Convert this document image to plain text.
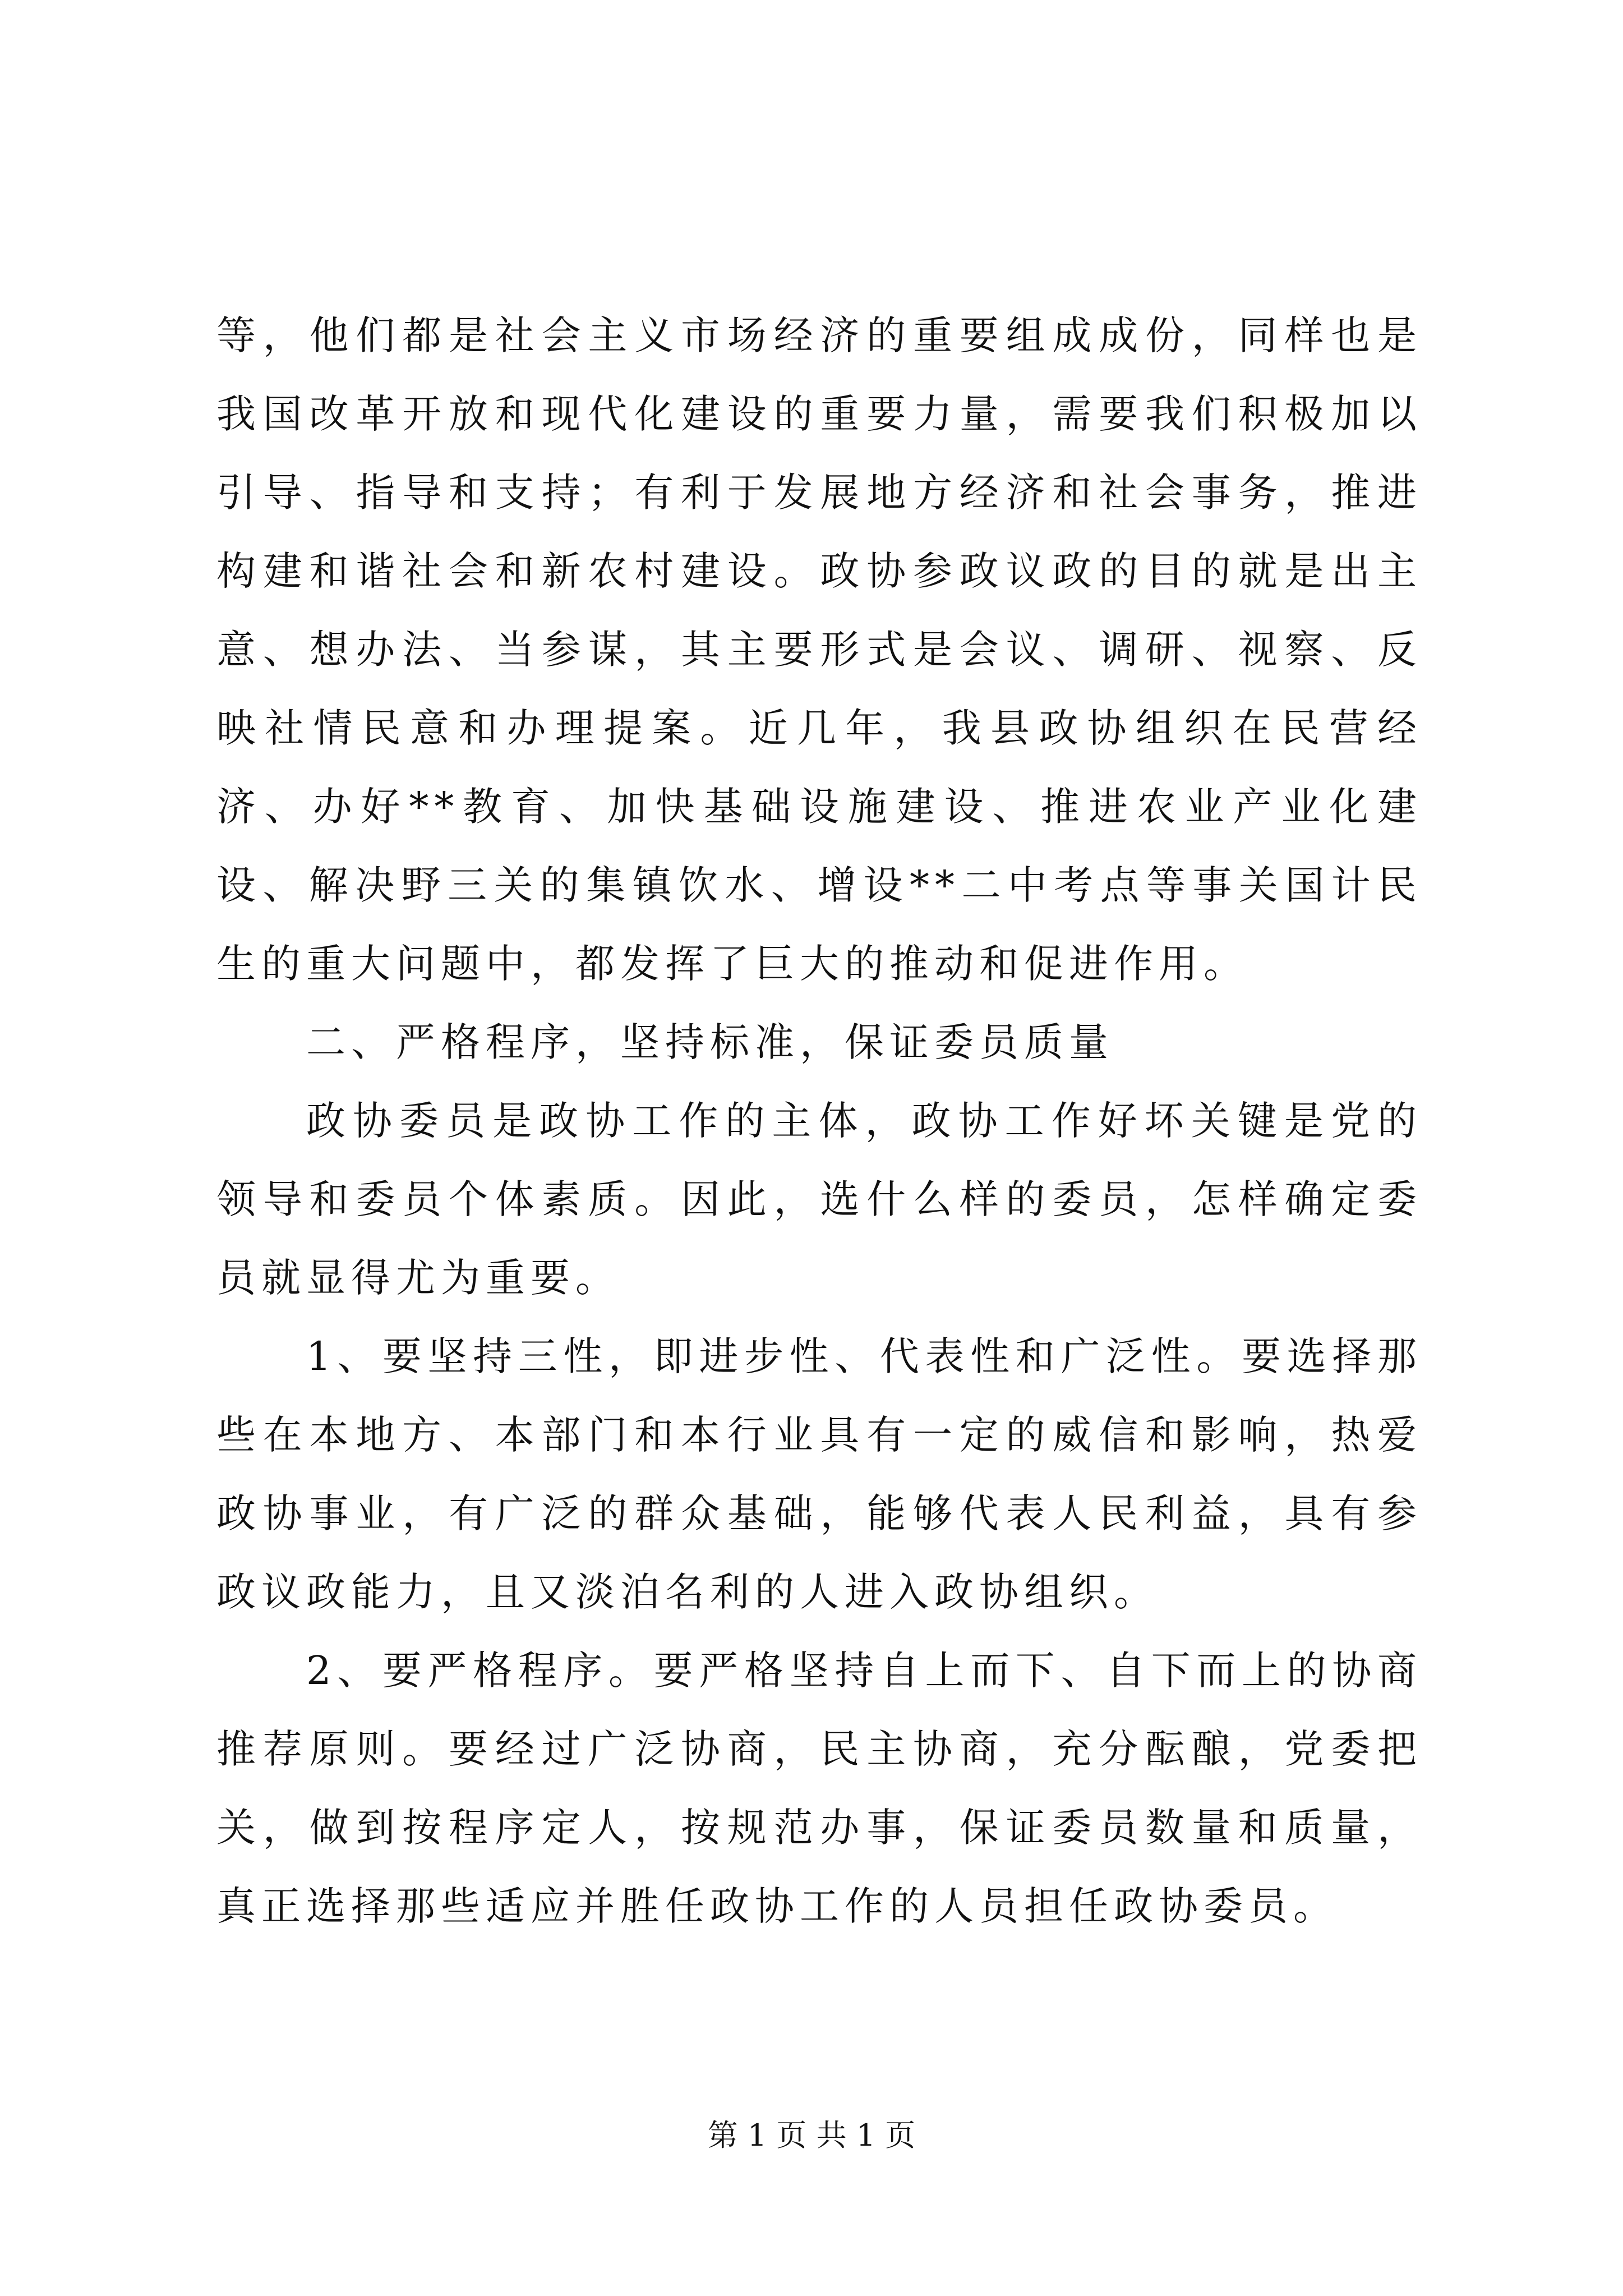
等，他们都是社会主义市场经济的重要组成成份，同样也是我国改革开放和现代化建设的重要力量，需要我们积极加以引导、指导和支持；有利于发展地方经济和社会事务，推进构建和谐社会和新农村建设。政协参政议政的目的就是出主意、想办法、当参谋，其主要形式是会议、调研、视察、反映社情民意和办理提案。近几年，我县政协组织在民营经济、办好**教育、加快基础设施建设、推进农业产业化建设、解决野三关的集镇饮水、增设**二中考点等事关国计民生的重大问题中，都发挥了巨大的推动和促进作用。

二、严格程序，坚持标准，保证委员质量

政协委员是政协工作的主体，政协工作好坏关键是党的领导和委员个体素质。因此，选什么样的委员，怎样确定委员就显得尤为重要。

1、要坚持三性，即进步性、代表性和广泛性。要选择那些在本地方、本部门和本行业具有一定的威信和影响，热爱政协事业，有广泛的群众基础，能够代表人民利益，具有参政议政能力，且又淡泊名利的人进入政协组织。

2、要严格程序。要严格坚持自上而下、自下而上的协商推荐原则。要经过广泛协商，民主协商，充分酝酿，党委把关，做到按程序定人，按规范办事，保证委员数量和质量，真正选择那些适应并胜任政协工作的人员担任政协委员。

第 1 页 共 1 页
